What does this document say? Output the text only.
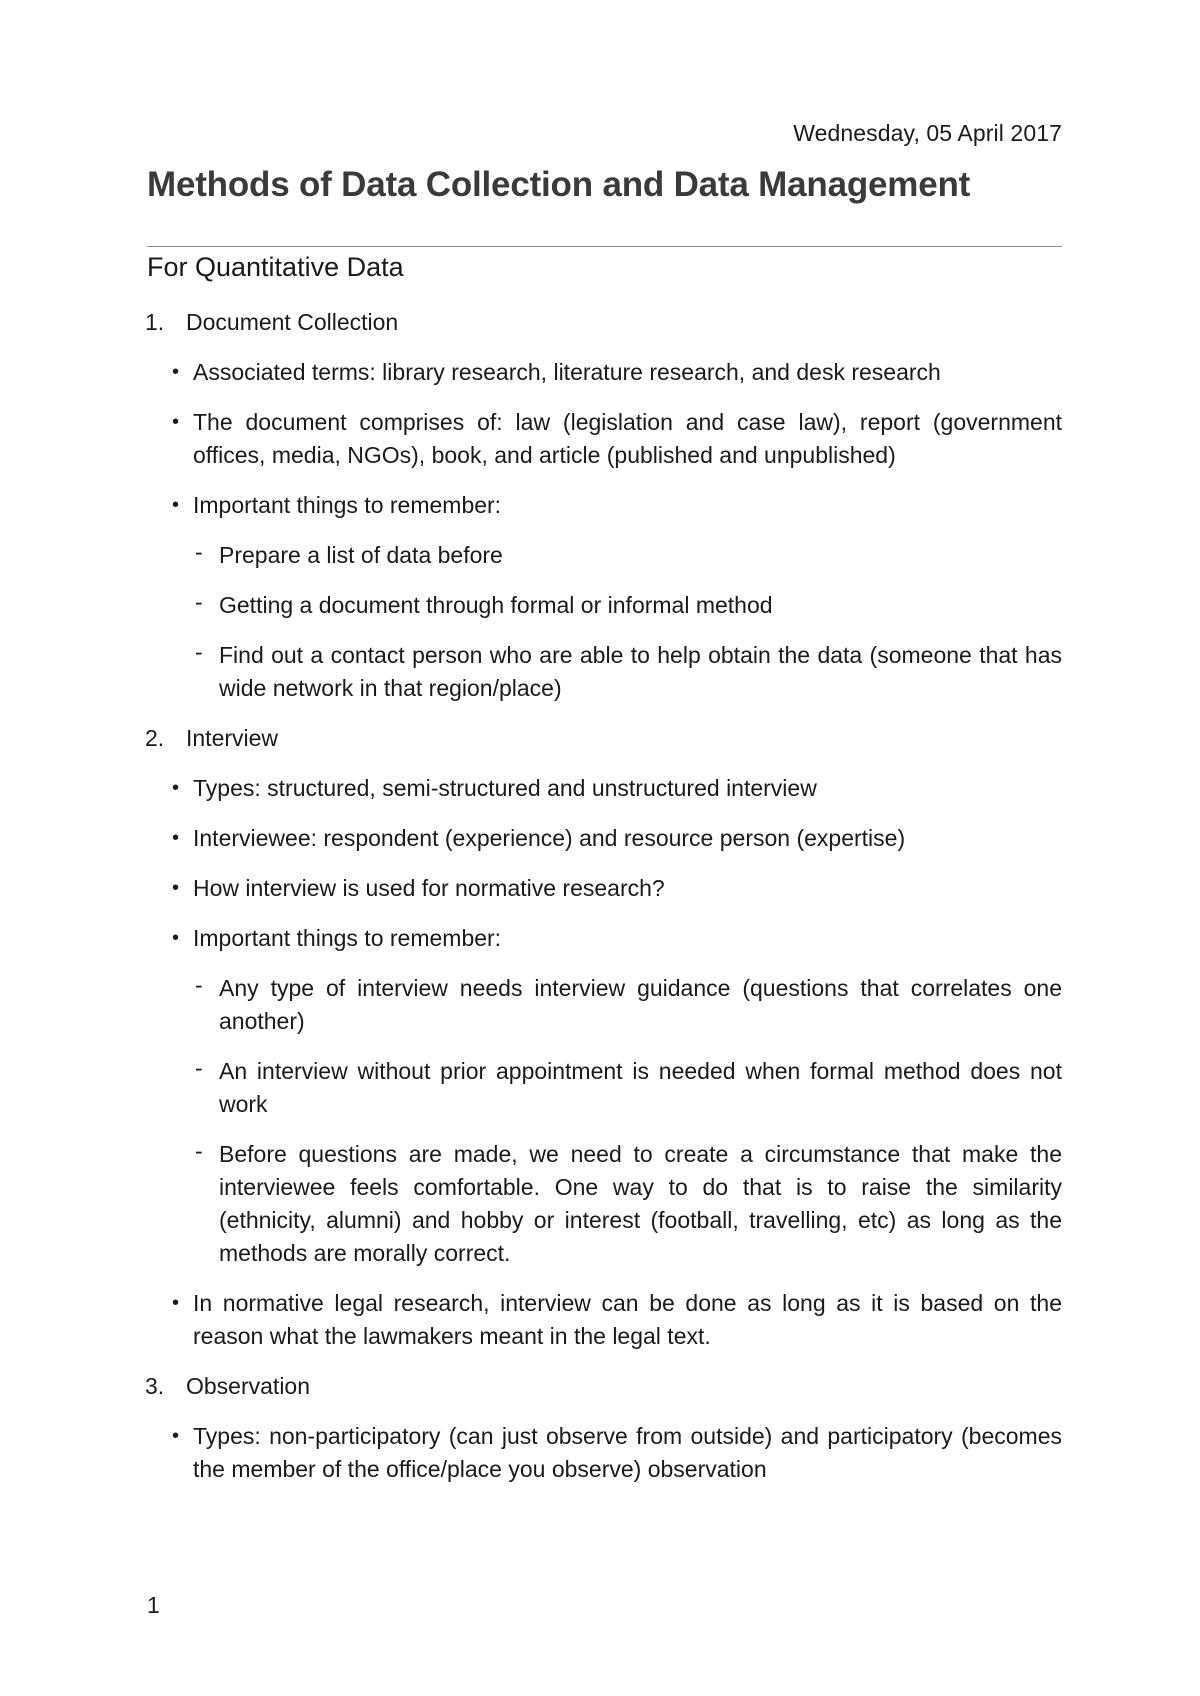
Wednesday, 05 April 2017
Methods of Data Collection and Data Management
For Quantitative Data
1. Document Collection
• Associated terms: library research, literature research, and desk research
• The document comprises of: law (legislation and case law), report (government offices, media, NGOs), book, and article (published and unpublished)
• Important things to remember:
- Prepare a list of data before
- Getting a document through formal or informal method
- Find out a contact person who are able to help obtain the data (someone that has wide network in that region/place)
2. Interview
• Types: structured, semi-structured and unstructured interview
• Interviewee: respondent (experience) and resource person (expertise)
• How interview is used for normative research?
• Important things to remember:
- Any type of interview needs interview guidance (questions that correlates one another)
- An interview without prior appointment is needed when formal method does not work
- Before questions are made, we need to create a circumstance that make the interviewee feels comfortable. One way to do that is to raise the similarity (ethnicity, alumni) and hobby or interest (football, travelling, etc) as long as the methods are morally correct.
• In normative legal research, interview can be done as long as it is based on the reason what the lawmakers meant in the legal text.
3. Observation
• Types: non-participatory (can just observe from outside) and participatory (becomes the member of the office/place you observe) observation
1
